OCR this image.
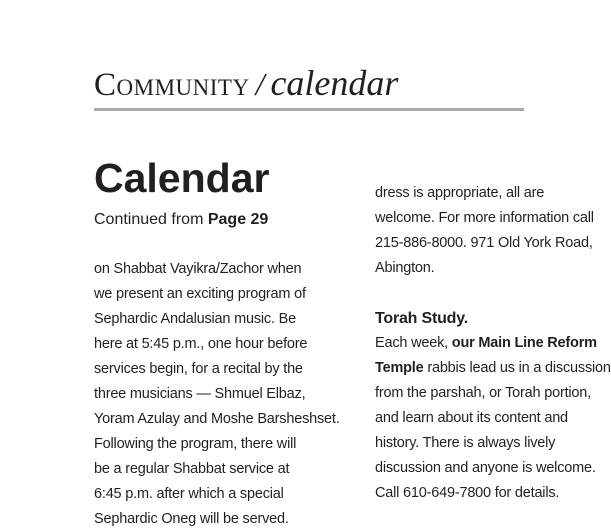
Community / calendar
Calendar
Continued from Page 29
on Shabbat Vayikra/Zachor when
we present an exciting program of
Sephardic Andalusian music. Be
here at 5:45 p.m., one hour before
services begin, for a recital by the
three musicians — Shmuel Elbaz,
Yoram Azulay and Moshe Barsheshset.
Following the program, there will
be a regular Shabbat service at
6:45 p.m. after which a special
Sephardic Oneg will be served.
dress is appropriate, all are
welcome. For more information call
215-886-8000. 971 Old York Road,
Abington.
Torah Study.
Each week, our Main Line Reform
Temple rabbis lead us in a discussion
from the parshah, or Torah portion,
and learn about its content and
history. There is always lively
discussion and anyone is welcome.
Call 610-649-7800 for details.
